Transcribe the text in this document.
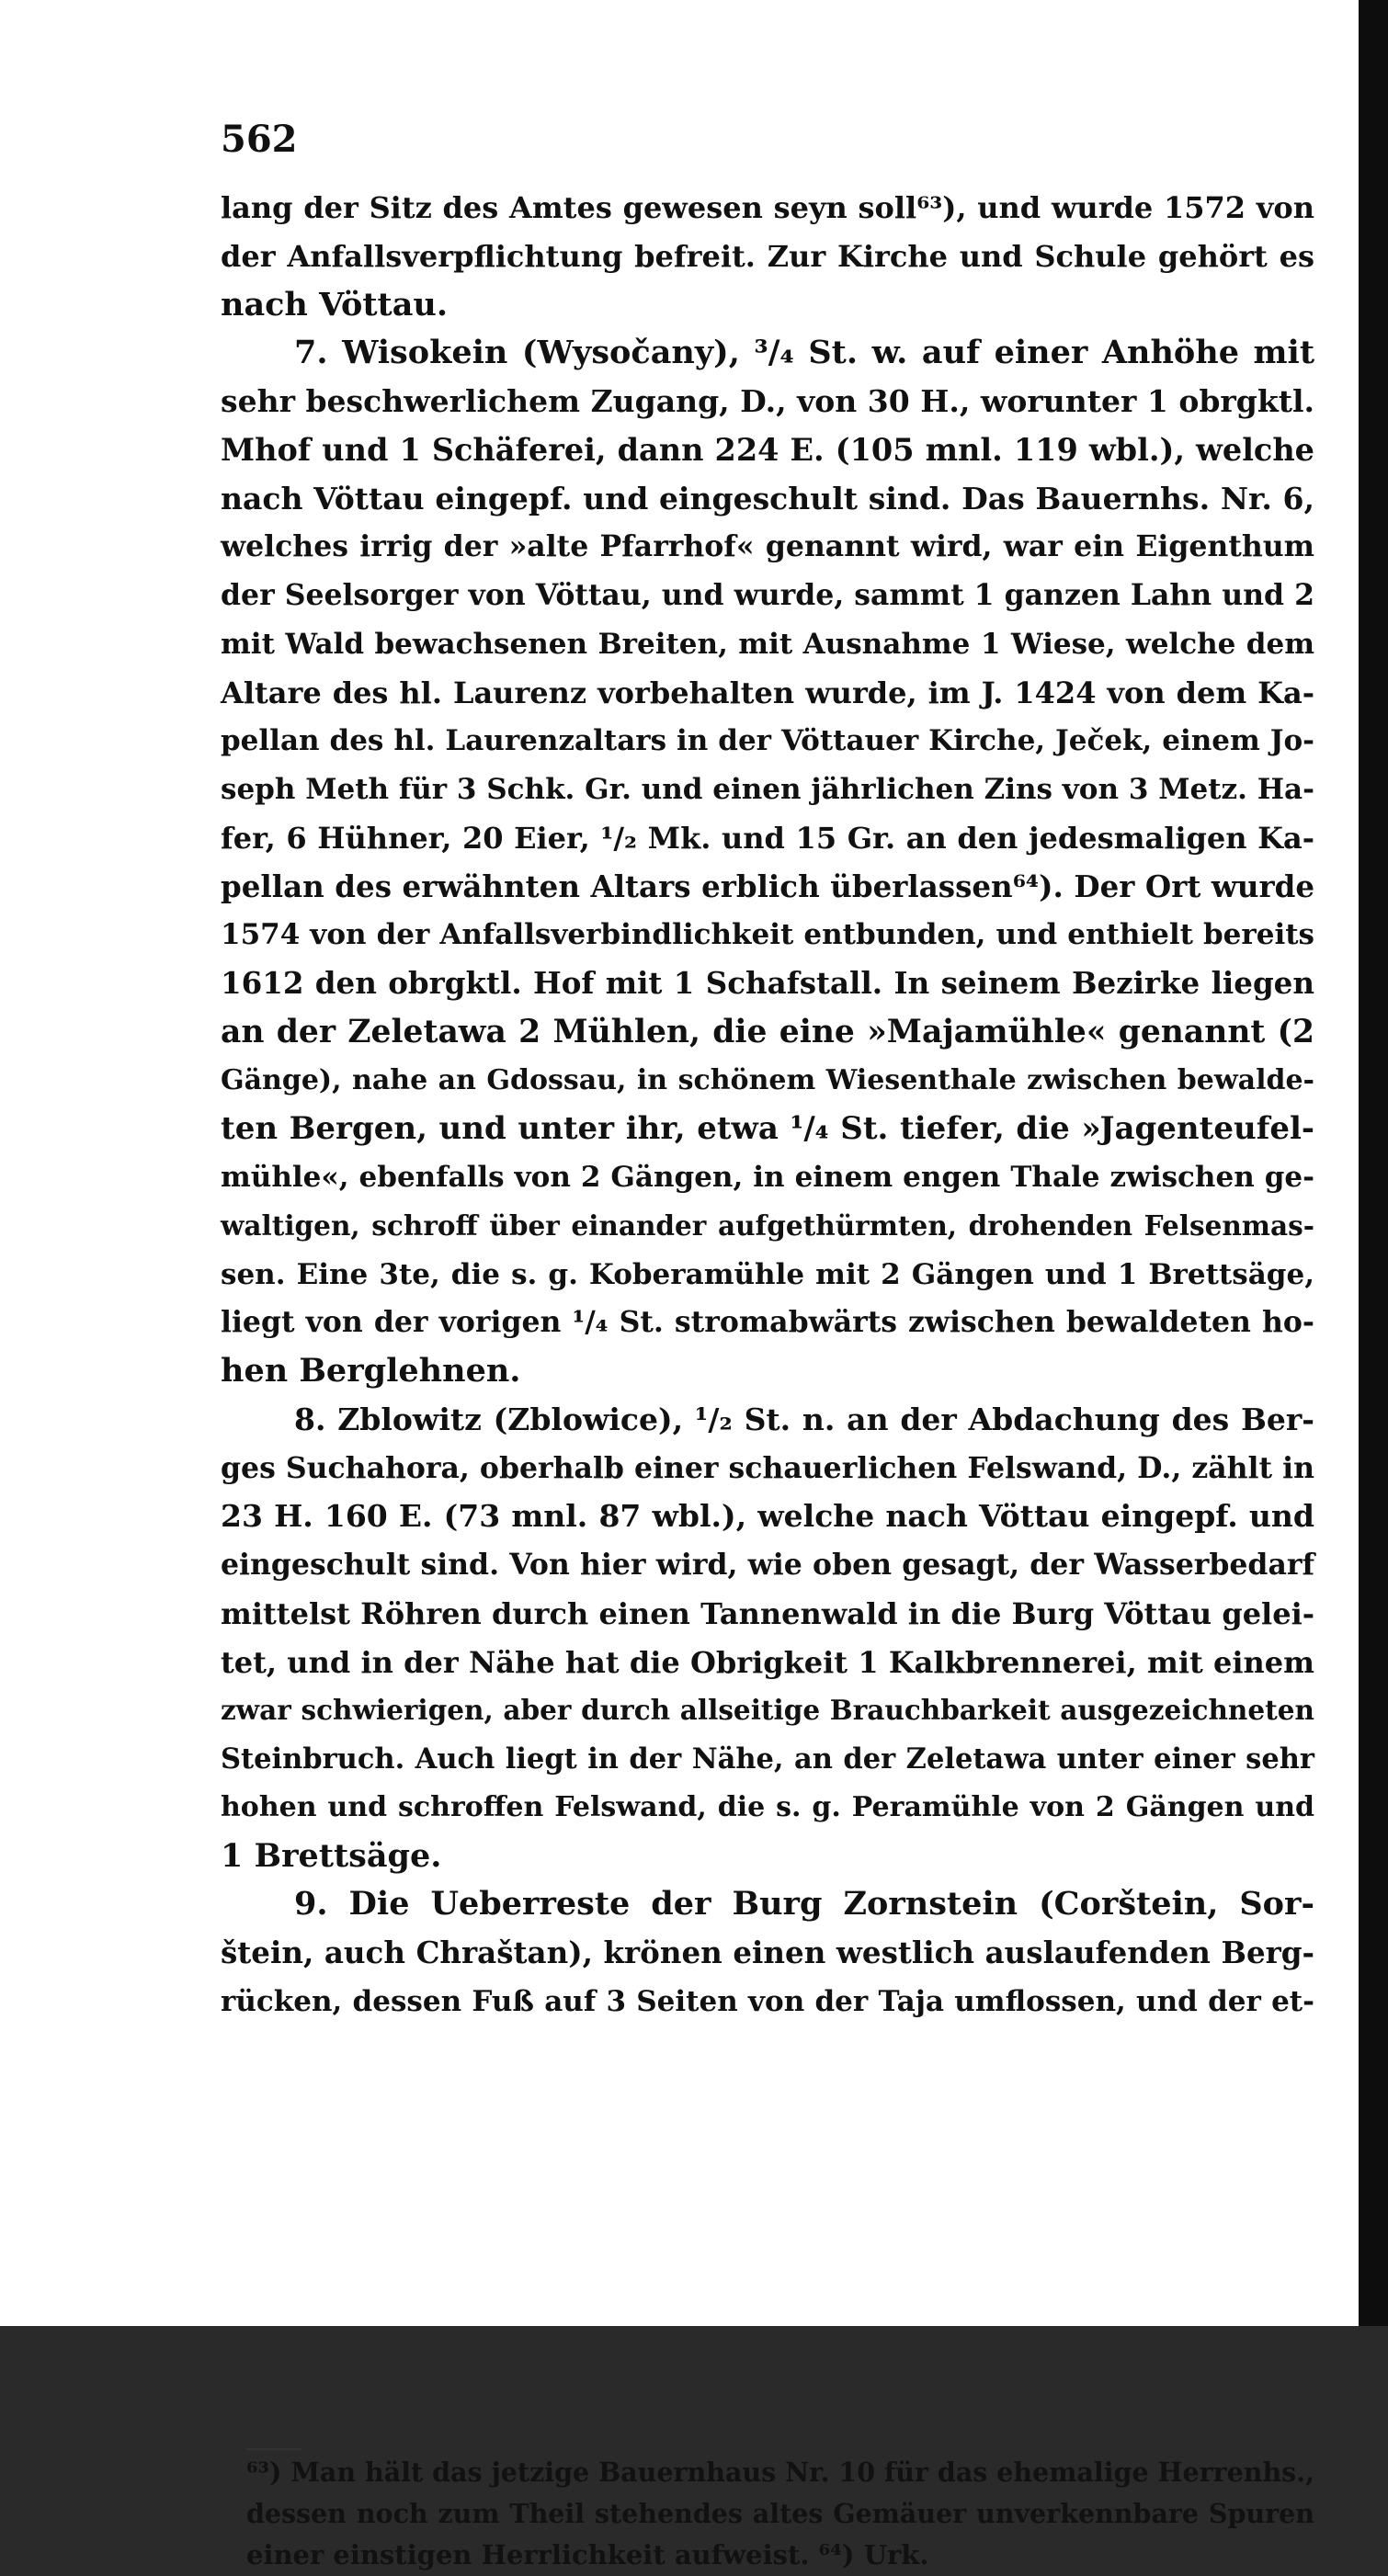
562
lang der Sitz des Amtes gewesen seyn soll⁶³), und wurde 1572 von
der Anfallsverpflichtung befreit. Zur Kirche und Schule gehört es
nach Vöttau.
7. Wisokein (Wysočany), ³/₄ St. w. auf einer Anhöhe mit
sehr beschwerlichem Zugang, D., von 30 H., worunter 1 obrgktl.
Mhof und 1 Schäferei, dann 224 E. (105 mnl. 119 wbl.), welche
nach Vöttau eingepf. und eingeschult sind. Das Bauernhs. Nr. 6,
welches irrig der »alte Pfarrhof« genannt wird, war ein Eigenthum
der Seelsorger von Vöttau, und wurde, sammt 1 ganzen Lahn und 2
mit Wald bewachsenen Breiten, mit Ausnahme 1 Wiese, welche dem
Altare des hl. Laurenz vorbehalten wurde, im J. 1424 von dem Ka-
pellan des hl. Laurenzaltars in der Vöttauer Kirche, Ječek, einem Jo-
seph Meth für 3 Schk. Gr. und einen jährlichen Zins von 3 Metz. Ha-
fer, 6 Hühner, 20 Eier, ¹/₂ Mk. und 15 Gr. an den jedesmaligen Ka-
pellan des erwähnten Altars erblich überlassen⁶⁴). Der Ort wurde
1574 von der Anfallsverbindlichkeit entbunden, und enthielt bereits
1612 den obrgktl. Hof mit 1 Schafstall. In seinem Bezirke liegen
an der Zeletawa 2 Mühlen, die eine »Majamühle« genannt (2
Gänge), nahe an Gdossau, in schönem Wiesenthale zwischen bewalde-
ten Bergen, und unter ihr, etwa ¹/₄ St. tiefer, die »Jagenteufel-
mühle«, ebenfalls von 2 Gängen, in einem engen Thale zwischen ge-
waltigen, schroff über einander aufgethürmten, drohenden Felsenmas-
sen. Eine 3te, die s. g. Koberamühle mit 2 Gängen und 1 Brettsäge,
liegt von der vorigen ¹/₄ St. stromabwärts zwischen bewaldeten ho-
hen Berglehnen.
8. Zblowitz (Zblowice), ¹/₂ St. n. an der Abdachung des Ber-
ges Suchahora, oberhalb einer schauerlichen Felswand, D., zählt in
23 H. 160 E. (73 mnl. 87 wbl.), welche nach Vöttau eingepf. und
eingeschult sind. Von hier wird, wie oben gesagt, der Wasserbedarf
mittelst Röhren durch einen Tannenwald in die Burg Vöttau gelei-
tet, und in der Nähe hat die Obrigkeit 1 Kalkbrennerei, mit einem
zwar schwierigen, aber durch allseitige Brauchbarkeit ausgezeichneten
Steinbruch. Auch liegt in der Nähe, an der Zeletawa unter einer sehr
hohen und schroffen Felswand, die s. g. Peramühle von 2 Gängen und
1 Brettsäge.
9. Die Ueberreste der Burg Zornstein (Corštein, Sor-
štein, auch Chraštan), krönen einen westlich auslaufenden Berg-
rücken, dessen Fuß auf 3 Seiten von der Taja umflossen, und der et-
⁶³) Man hält das jetzige Bauernhaus Nr. 10 für das ehemalige Herrenhs.,
dessen noch zum Theil stehendes altes Gemäuer unverkennbare Spuren
einer einstigen Herrlichkeit aufweist. ⁶⁴) Urk.
